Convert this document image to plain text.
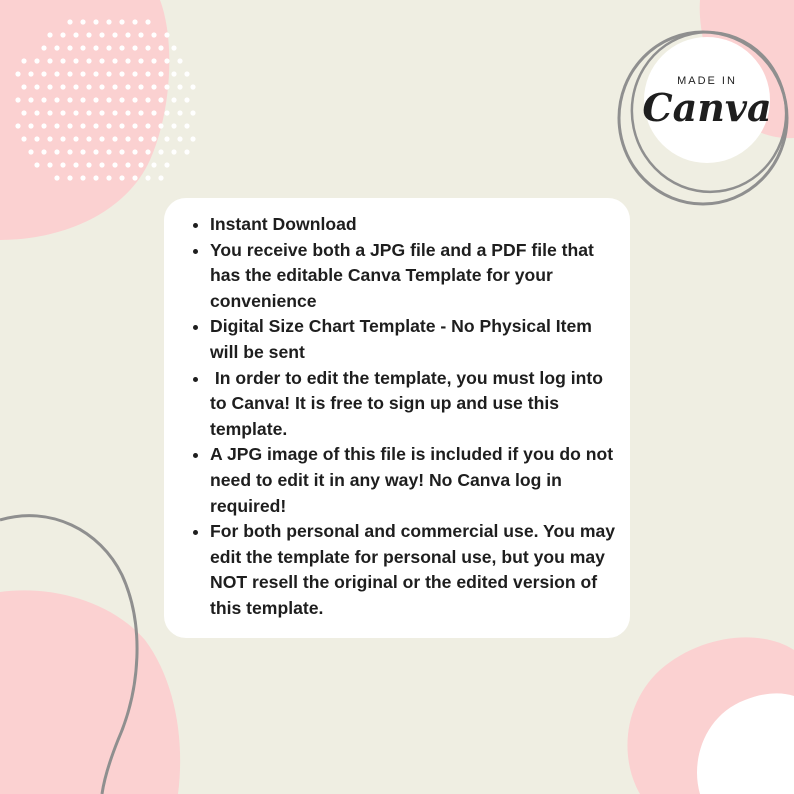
MADE IN
Canva
• Instant Download
• You receive both a JPG file and a PDF file that has the editable Canva Template for your convenience
• Digital Size Chart Template - No Physical Item will be sent
•  In order to edit the template, you must log into to Canva! It is free to sign up and use this template.
• A JPG image of this file is included if you do not need to edit it in any way! No Canva log in required!
• For both personal and commercial use. You may edit the template for personal use, but you may NOT resell the original or the edited version of this template.
